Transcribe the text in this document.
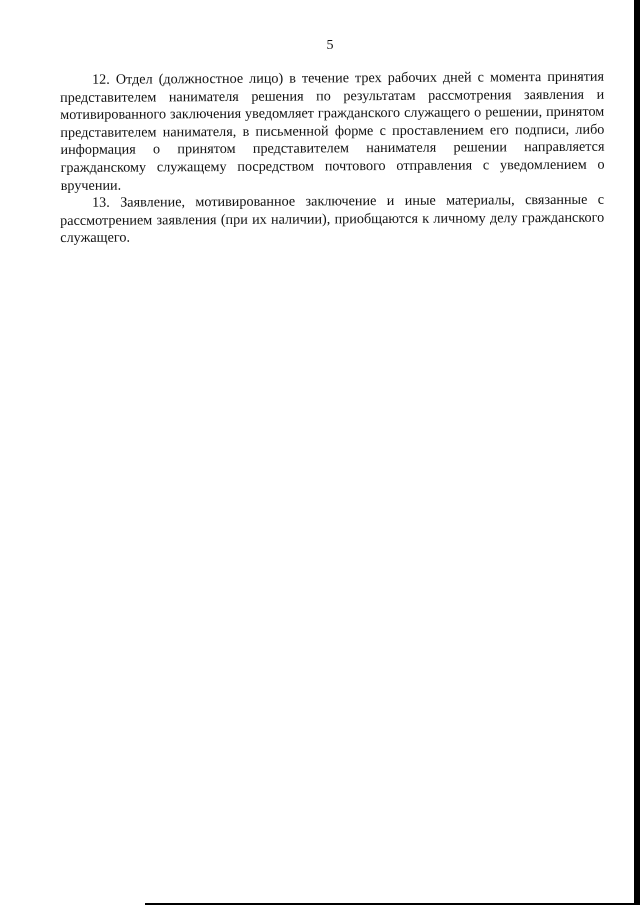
5

12. Отдел (должностное лицо) в течение трех рабочих дней с момента принятия представителем нанимателя решения по результатам рассмотрения заявления и мотивированного заключения уведомляет гражданского служащего о решении, принятом представителем нанимателя, в письменной форме с проставлением его подписи, либо информация о принятом представителем нанимателя решении направляется гражданскому служащему посредством почтового отправления с уведомлением о вручении.

13. Заявление, мотивированное заключение и иные материалы, связанные с рассмотрением заявления (при их наличии), приобщаются к личному делу гражданского служащего.
